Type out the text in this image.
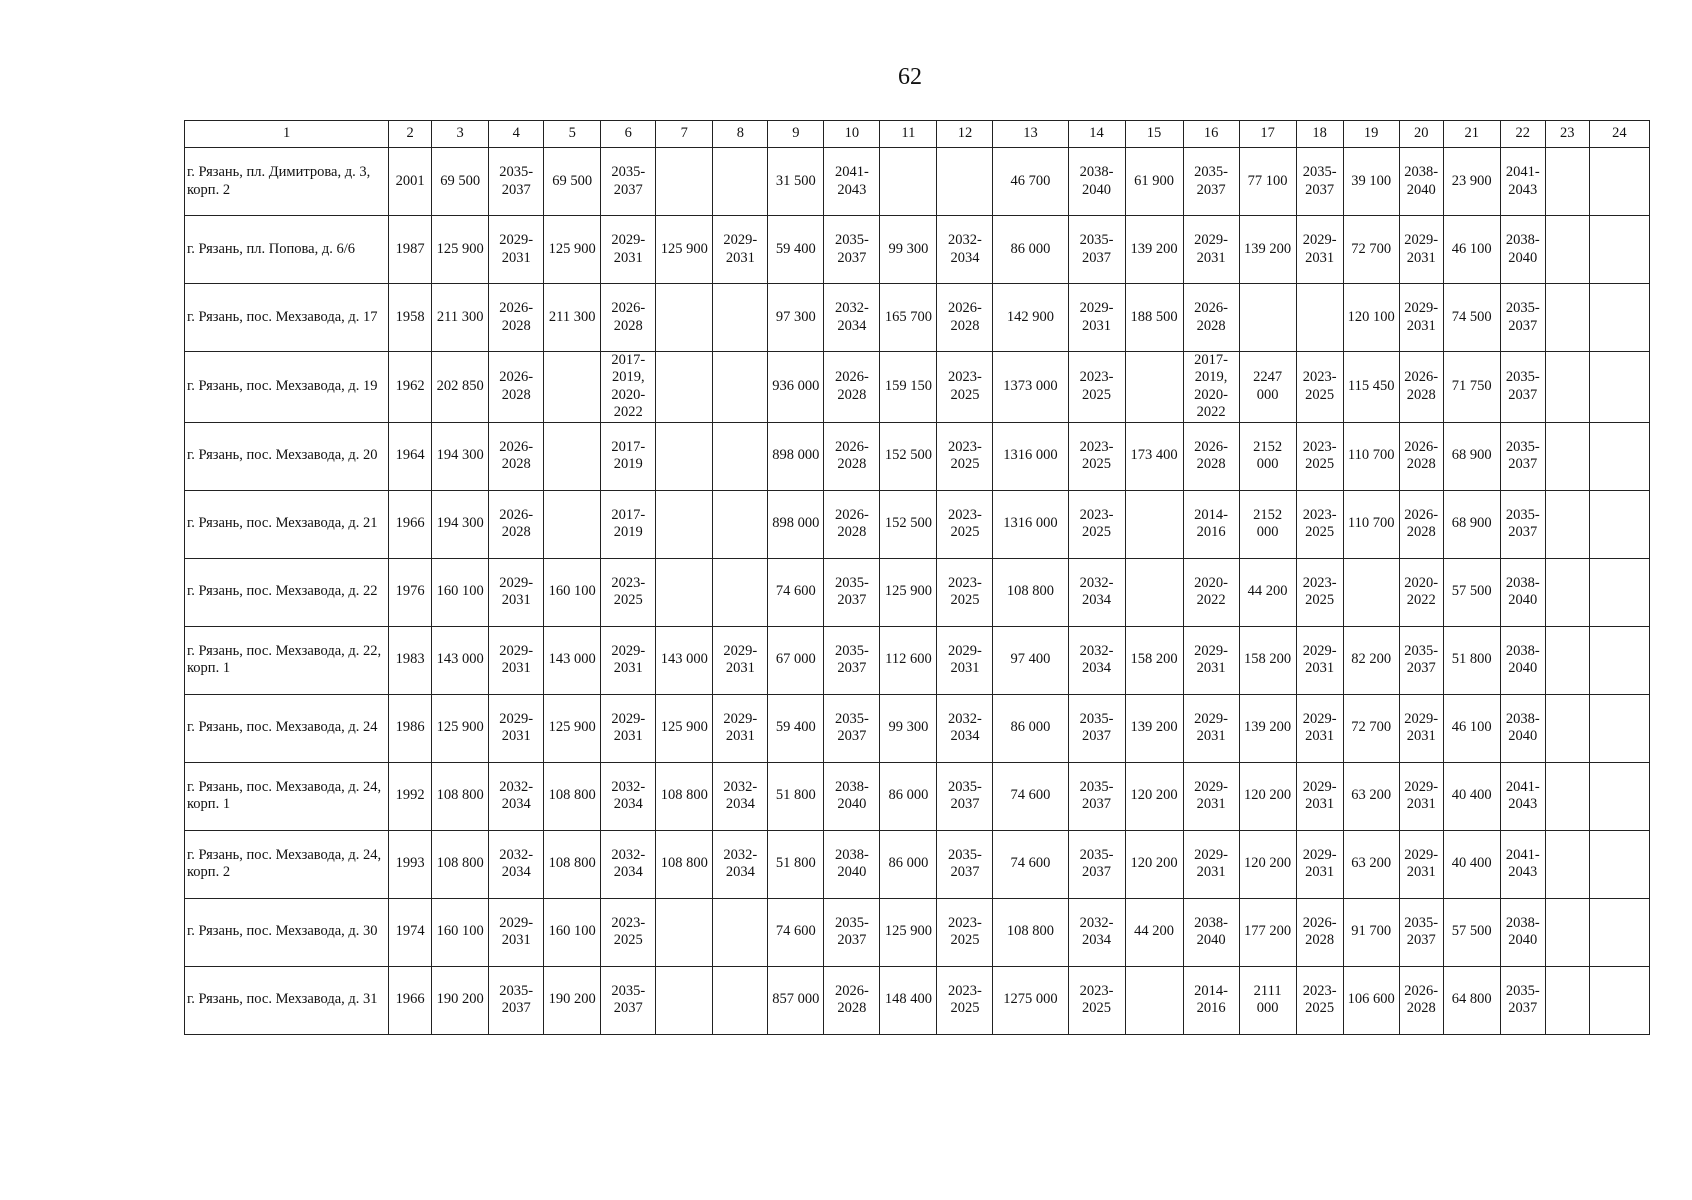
62
1	2	3	4	5	6	7	8	9	10	11	12	13	14	15	16	17	18	19	20	21	22	23	24
г. Рязань, пл. Димитрова, д. 3, корп. 2	2001	69 500	2035-
2037	69 500	2035-
2037			31 500	2041-
2043			46 700	2038-
2040	61 900	2035-
2037	77 100	2035-
2037	39 100	2038-
2040	23 900	2041-
2043		
г. Рязань, пл. Попова, д. 6/6	1987	125 900	2029-
2031	125 900	2029-
2031	125 900	2029-
2031	59 400	2035-
2037	99 300	2032-
2034	86 000	2035-
2037	139 200	2029-
2031	139 200	2029-
2031	72 700	2029-
2031	46 100	2038-
2040		
г. Рязань, пос. Мехзавода, д. 17	1958	211 300	2026-
2028	211 300	2026-
2028			97 300	2032-
2034	165 700	2026-
2028	142 900	2029-
2031	188 500	2026-
2028			120 100	2029-
2031	74 500	2035-
2037		
г. Рязань, пос. Мехзавода, д. 19	1962	202 850	2026-
2028		2017-
2019,
2020-
2022			936 000	2026-
2028	159 150	2023-
2025	1373 000	2023-
2025		2017-
2019,
2020-
2022	2247
000	2023-
2025	115 450	2026-
2028	71 750	2035-
2037		
г. Рязань, пос. Мехзавода, д. 20	1964	194 300	2026-
2028		2017-
2019			898 000	2026-
2028	152 500	2023-
2025	1316 000	2023-
2025	173 400	2026-
2028	2152
000	2023-
2025	110 700	2026-
2028	68 900	2035-
2037		
г. Рязань, пос. Мехзавода, д. 21	1966	194 300	2026-
2028		2017-
2019			898 000	2026-
2028	152 500	2023-
2025	1316 000	2023-
2025		2014-
2016	2152
000	2023-
2025	110 700	2026-
2028	68 900	2035-
2037		
г. Рязань, пос. Мехзавода, д. 22	1976	160 100	2029-
2031	160 100	2023-
2025			74 600	2035-
2037	125 900	2023-
2025	108 800	2032-
2034		2020-
2022	44 200	2023-
2025		2020-
2022	57 500	2038-
2040		
г. Рязань, пос. Мехзавода, д. 22, корп. 1	1983	143 000	2029-
2031	143 000	2029-
2031	143 000	2029-
2031	67 000	2035-
2037	112 600	2029-
2031	97 400	2032-
2034	158 200	2029-
2031	158 200	2029-
2031	82 200	2035-
2037	51 800	2038-
2040		
г. Рязань, пос. Мехзавода, д. 24	1986	125 900	2029-
2031	125 900	2029-
2031	125 900	2029-
2031	59 400	2035-
2037	99 300	2032-
2034	86 000	2035-
2037	139 200	2029-
2031	139 200	2029-
2031	72 700	2029-
2031	46 100	2038-
2040		
г. Рязань, пос. Мехзавода, д. 24, корп. 1	1992	108 800	2032-
2034	108 800	2032-
2034	108 800	2032-
2034	51 800	2038-
2040	86 000	2035-
2037	74 600	2035-
2037	120 200	2029-
2031	120 200	2029-
2031	63 200	2029-
2031	40 400	2041-
2043		
г. Рязань, пос. Мехзавода, д. 24, корп. 2	1993	108 800	2032-
2034	108 800	2032-
2034	108 800	2032-
2034	51 800	2038-
2040	86 000	2035-
2037	74 600	2035-
2037	120 200	2029-
2031	120 200	2029-
2031	63 200	2029-
2031	40 400	2041-
2043		
г. Рязань, пос. Мехзавода, д. 30	1974	160 100	2029-
2031	160 100	2023-
2025			74 600	2035-
2037	125 900	2023-
2025	108 800	2032-
2034	44 200	2038-
2040	177 200	2026-
2028	91 700	2035-
2037	57 500	2038-
2040		
г. Рязань, пос. Мехзавода, д. 31	1966	190 200	2035-
2037	190 200	2035-
2037			857 000	2026-
2028	148 400	2023-
2025	1275 000	2023-
2025		2014-
2016	2111
000	2023-
2025	106 600	2026-
2028	64 800	2035-
2037		
